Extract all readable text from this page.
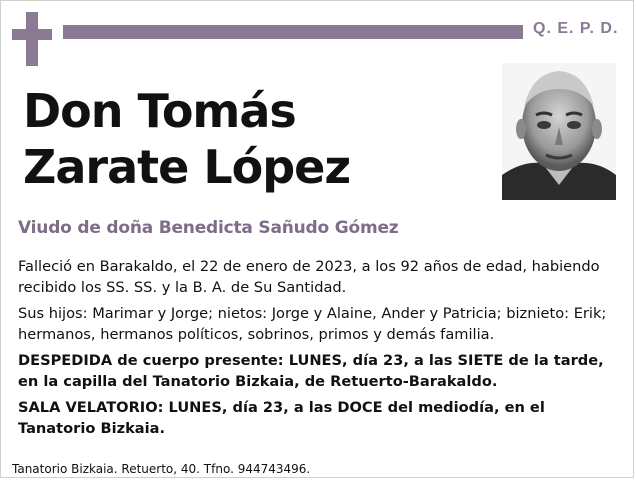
Q. E. P. D.
Don Tomás
Zarate López
Viudo de doña Benedicta Sañudo Gómez

Falleció en Barakaldo, el 22 de enero de 2023, a los 92 años de edad, habiendo recibido los SS. SS. y la B. A. de Su Santidad.

Sus hijos: Marimar y Jorge; nietos: Jorge y Alaine, Ander y Patricia; biznieto: Erik; hermanos, hermanos políticos, sobrinos, primos y demás familia.

DESPEDIDA de cuerpo presente: LUNES, día 23, a las SIETE de la tarde, en la capilla del Tanatorio Bizkaia, de Retuerto-Barakaldo.

SALA VELATORIO: LUNES, día 23, a las DOCE del mediodía, en el Tanatorio Bizkaia.

Tanatorio Bizkaia. Retuerto, 40. Tfno. 944743496.
